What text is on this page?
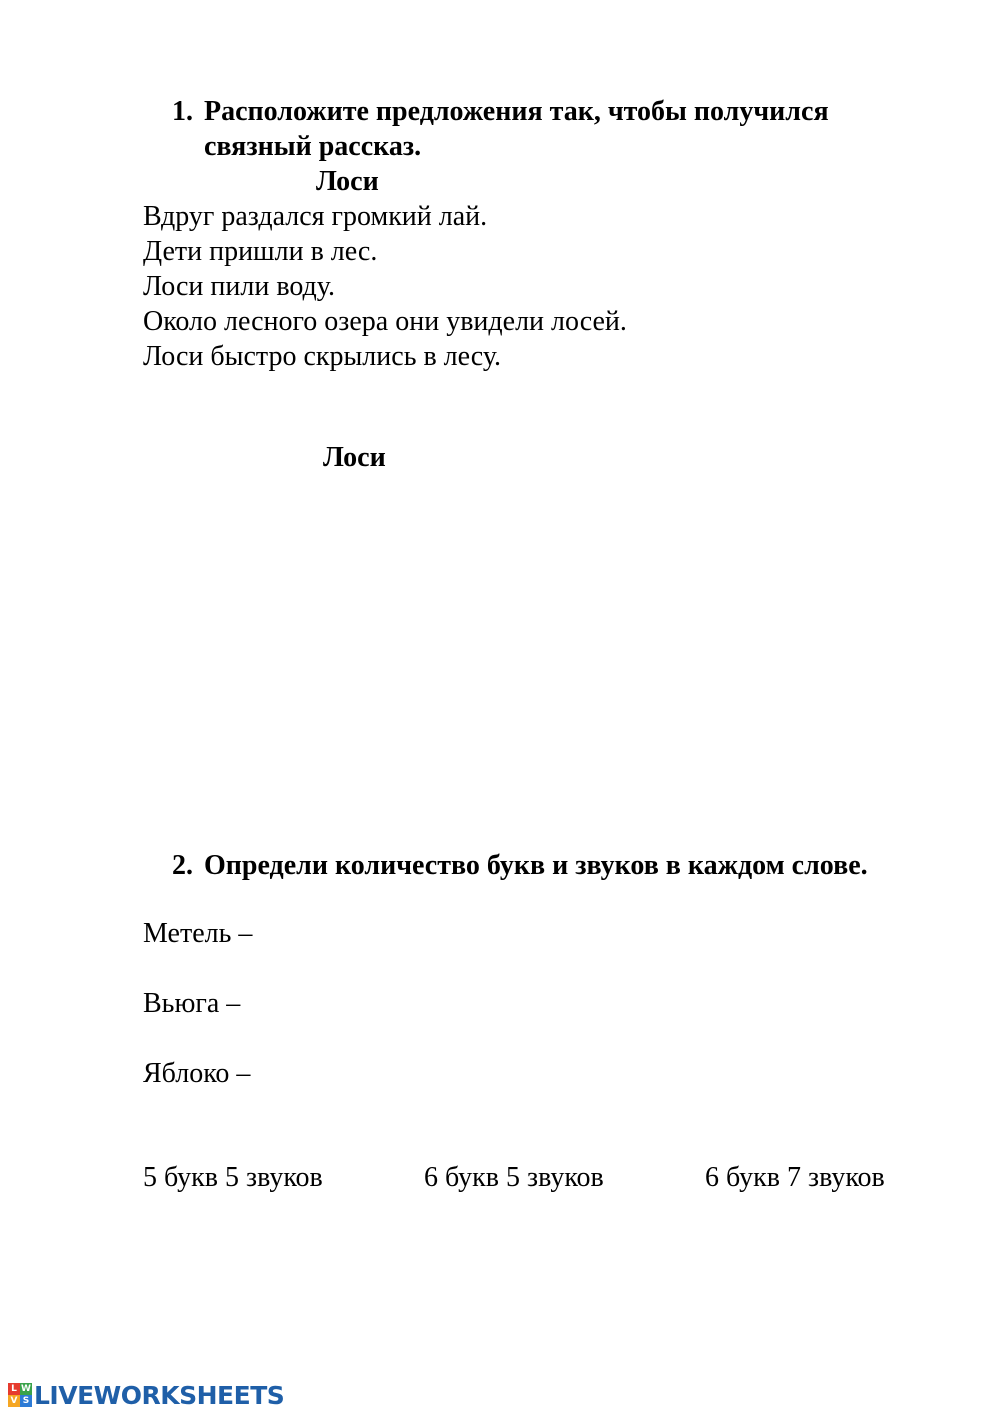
1. Расположите предложения так, чтобы получился
связный рассказ.
Лоси
Вдруг раздался громкий лай.
Дети пришли в лес.
Лоси пили воду.
Около лесного озера они увидели лосей.
Лоси быстро скрылись в лесу.
Лоси
2. Определи количество букв и звуков в каждом слове.
Метель –
Вьюга –
Яблоко –
5 букв 5 звуков	6 букв 5 звуков	6 букв 7 звуков
L W
V S LIVEWORKSHEETS
